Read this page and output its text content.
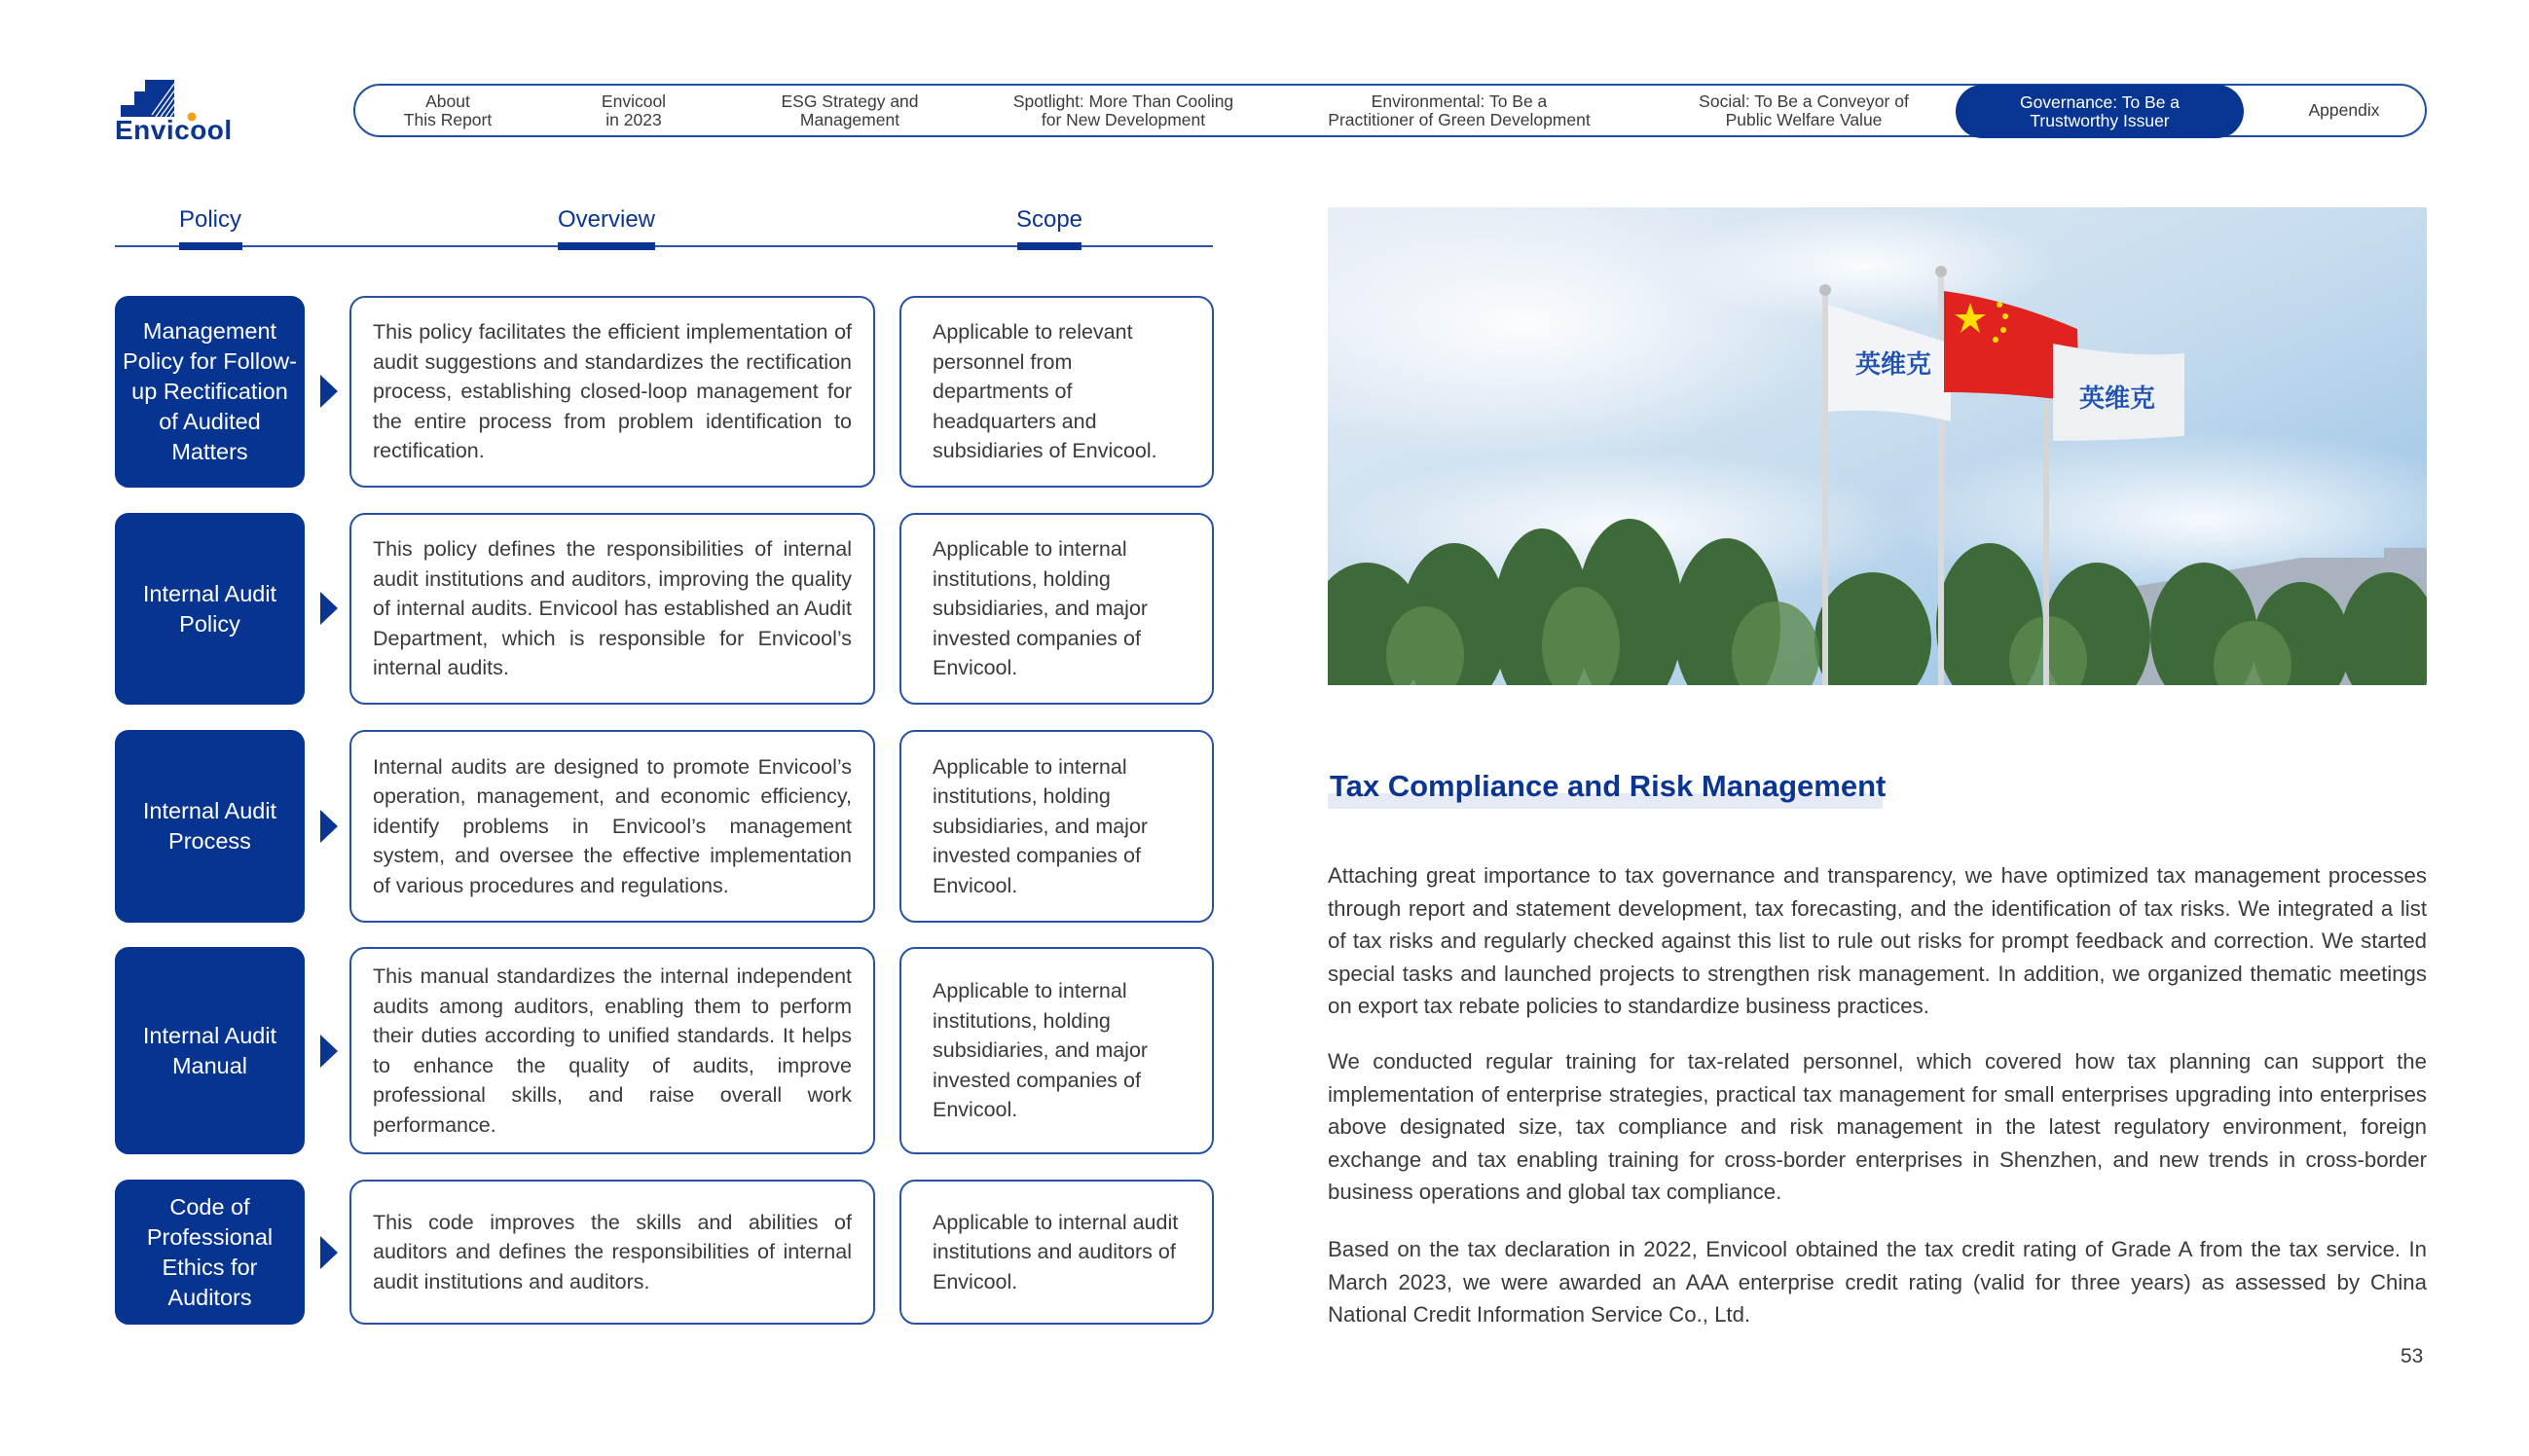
Envicool
About
This Report
Envicool
in 2023
ESG Strategy and
Management
Spotlight: More Than Cooling
for New Development
Environmental: To Be a
Practitioner of Green Development
Social: To Be a Conveyor of
Public Welfare Value
Governance: To Be a
Trustworthy Issuer
Appendix
Policy	Overview	Scope
Management Policy for Follow-up Rectification of Audited Matters
This policy facilitates the efficient implementation of audit suggestions and standardizes the rectification process, establishing closed-loop management for the entire process from problem identification to rectification.
Applicable to relevant personnel from departments of headquarters and subsidiaries of Envicool.
Internal Audit Policy
This policy defines the responsibilities of internal audit institutions and auditors, improving the quality of internal audits. Envicool has established an Audit Department, which is responsible for Envicool’s internal audits.
Applicable to internal institutions, holding subsidiaries, and major invested companies of Envicool.
Internal Audit Process
Internal audits are designed to promote Envicool’s operation, management, and economic efficiency, identify problems in Envicool’s management system, and oversee the effective implementation of various procedures and regulations.
Applicable to internal institutions, holding subsidiaries, and major invested companies of Envicool.
Internal Audit Manual
This manual standardizes the internal independent audits among auditors, enabling them to perform their duties according to unified standards. It helps to enhance the quality of audits, improve professional skills, and raise overall work performance.
Applicable to internal institutions, holding subsidiaries, and major invested companies of Envicool.
Code of Professional Ethics for Auditors
This code improves the skills and abilities of auditors and defines the responsibilities of internal audit institutions and auditors.
Applicable to internal audit institutions and auditors of Envicool.
英维克
英维克
Tax Compliance and Risk Management
Attaching great importance to tax governance and transparency, we have optimized tax management processes through report and statement development, tax forecasting, and the identification of tax risks. We integrated a list of tax risks and regularly checked against this list to rule out risks for prompt feedback and correction. We started special tasks and launched projects to strengthen risk management. In addition, we organized thematic meetings on export tax rebate policies to standardize business practices.
We conducted regular training for tax-related personnel, which covered how tax planning can support the implementation of enterprise strategies, practical tax management for small enterprises upgrading into enterprises above designated size, tax compliance and risk management in the latest regulatory environment, foreign exchange and tax enabling training for cross-border enterprises in Shenzhen, and new trends in cross-border business operations and global tax compliance.
Based on the tax declaration in 2022, Envicool obtained the tax credit rating of Grade A from the tax service. In March 2023, we were awarded an AAA enterprise credit rating (valid for three years) as assessed by China National Credit Information Service Co., Ltd.
53
